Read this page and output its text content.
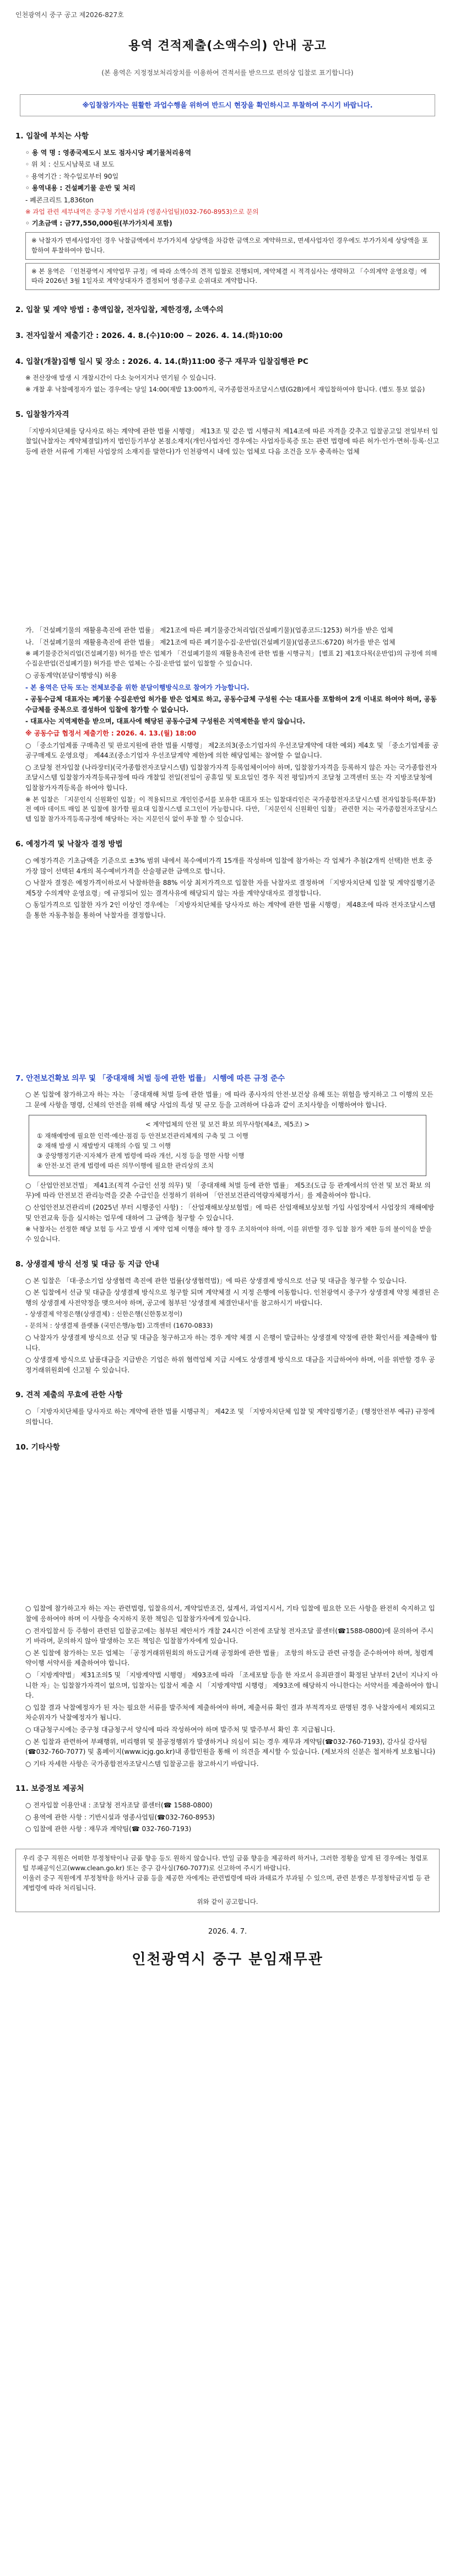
인천광역시 중구 공고 제2026-827호
용역 견적제출(소액수의) 안내 공고
(본 용역은 지정정보처리장치를 이용하여 견적서를 받으므로 편의상 입찰로 표기합니다)
※입찰참가자는 원활한 과업수행을 위하여 반드시 현장을 확인하시고 투찰하여 주시기 바랍니다.
1. 입찰에 부치는 사항
◦ 용 역 명 : 영종국제도시 보도 점자시당 폐기물처리용역
◦ 위 치 : 신도시남북로 내 보도
◦ 용역기간 : 착수일로부터 90일
◦ 용역내용 : 건설폐기물 운반 및 처리
- 폐콘크리트 1,836ton
※ 과업 관련 세부내역은 중구청 기반시설과 (영종사업팀)(032-760-8953)으로 문의
◦ 기초금액 : 금77,550,000원(부가가치세 포함)
※ 낙찰자가 면세사업자인 경우 낙찰금액에서 부가가치세 상당액을 차감한 금액으로 계약하므로, 면세사업자인 경우에도 부가가치세 상당액을 포함하여 투찰하여야 합니다.
※ 본 용역은 「인천광역시 계약업무 규정」에 따라 소액수의 견적 입찰로 진행되며, 계약체결 시 적격심사는 생략하고 「수의계약 운영요령」에 따라 2026년 3월 1일자로 계약상대자가 결정되어 영종구로 순위대로 계약합니다.
2. 입찰 및 계약 방법 : 총액입찰, 전자입찰, 제한경쟁, 소액수의
3. 전자입찰서 제출기간 : 2026. 4. 8.(수)10:00 ~ 2026. 4. 14.(화)10:00
4. 입찰(개찰)집행 일시 및 장소 : 2026. 4. 14.(화)11:00 중구 재무과 입찰집행관 PC
※ 전산장애 발생 시 개찰시간이 다소 늦어지거나 연기될 수 있습니다.
※ 개찰 후 낙찰예정자가 없는 경우에는 당일 14:00(재발 13:00까지, 국가종합전자조달시스템(G2B)에서 재입찰하여야 합니다. (별도 통보 없음)
5. 입찰참가자격
「지방자치단체를 당사자로 하는 계약에 관한 법률 시행령」 제13조 및 같은 법 시행규칙 제14조에 따른 자격을 갖추고 입찰공고일 전일부터 입찰일(낙찰자는 계약체결일)까지 법인등기부상 본점소재지(개인사업자인 경우에는 사업자등록증 또는 관련 법령에 따른 허가·인가·면허·등록·신고 등에 관한 서류에 기재된 사업장의 소재지를 말한다)가 인천광역시 내에 있는 업체로 다음 조건을 모두 충족하는 업체
가. 「건설폐기물의 재활용촉진에 관한 법률」 제21조에 따른 폐기물중간처리업(건설폐기물)(업종코드:1253) 허가를 받은 업체
나. 「건설폐기물의 재활용촉진에 관한 법률」 제21조에 따른 폐기물수집·운반업(건설폐기물)(업종코드:6720) 허가를 받은 업체
※ 폐기물중간처리업(건설폐기물) 허가를 받은 업체가 「건설폐기물의 재활용촉진에 관한 법률 시행규칙」 [별표 2] 제1호다목(운반업)의 규정에 의해 수집운반업(건설폐기물) 허가를 받은 업체는 수집·운반업 없이 입찰할 수 있습니다.
○ 공동계약(분담이행방식) 허용
- 본 용역은 단독 또는 전체보증을 위한 분담이행방식으로 참여가 가능합니다.
- 공동수급체 대표자는 폐기물 수집운반업 허가를 받은 업체로 하고, 공동수급체 구성원 수는 대표사를 포함하여 2개 이내로 하여야 하며, 공동수급체를 중복으로 결성하여 입찰에 참가할 수 없습니다.
- 대표사는 지역제한을 받으며, 대표사에 해당된 공동수급체 구성원은 지역제한을 받지 않습니다.
※ 공동수급 협정서 제출기한 : 2026. 4. 13.(월) 18:00
○ 「중소기업제품 구매촉진 및 판로지원에 관한 법률 시행령」 제2조의3(중소기업자의 우선조달계약에 대한 예외) 제4호 및 「중소기업제품 공공구매제도 운영요령」 제44조(중소기업자 우선조달계약 제한)에 의한 해당업체는 참여할 수 없습니다.
○ 조달청 전자입찰 (나라장터)(국가종합전자조달시스템) 입찰참가자격 등록업체이어야 하며, 입찰참가자격을 등록하지 않은 자는 국가종합전자조달시스템 입찰참가자격등록규정에 따라 개찰일 전일(전일이 공휴일 및 토요일인 경우 직전 평일)까지 조달청 고객센터 또는 각 지방조달청에 입찰참가자격등록을 하여야 합니다.
※ 본 입찰은 「지문인식 신원확인 입찰」이 적용되므로 개인인증서를 보유한 대표자 또는 입찰대리인은 국가종합전자조달시스템 전자입찰등록(투찰)전 예마 데이트 매입 본 입찰에 참가함 필요대 입찰시스템 로그인이 가능합니다. 다만, 「지문인식 신원확인 입찰」 관련한 지는 국가종합전자조달시스템 입찰 참가자격등록규정에 해당하는 자는 지문인식 없이 투찰 할 수 있습니다.
6. 예정가격 및 낙찰자 결정 방법
○ 예정가격은 기초금액을 기준으로 ±3% 범위 내에서 복수예비가격 15개를 작성하며 입찰에 참가하는 각 업체가 추첨(2개씩 선택)한 번호 중 가장 많이 선택된 4개의 복수예비가격을 산술평균한 금액으로 합니다.
○ 낙찰자 결정은 예정가격이하로서 낙찰하한율 88% 이상 최저가격으로 입찰한 자를 낙찰자로 결정하며 「지방자치단체 입찰 및 계약집행기준 제5장 수의계약 운영요령」에 규정되어 있는 결격사유에 해당되지 않는 자를 계약상대자로 결정합니다.
○ 동일가격으로 입찰한 자가 2인 이상인 경우에는 「지방자치단체를 당사자로 하는 계약에 관한 법률 시행령」 제48조에 따라 전자조달시스템을 통한 자동추첨을 통하여 낙찰자를 결정합니다.
7. 안전보건확보 의무 및 「중대재해 처벌 등에 관한 법률」 시행에 따른 규정 준수
○ 본 입찰에 참가하고자 하는 자는 「중대재해 처벌 등에 관한 법률」에 따라 종사자의 안전·보건상 유해 또는 위험을 방지하고 그 이행의 모든 그 문에 사항을 명령, 신체의 안전을 위해 해당 사업의 특성 및 규모 등을 고려하여 다음과 같이 조치사항을 이행하여야 합니다.
< 계약업체의 안전 및 보건 확보 의무사항(제4조, 제5조) >
① 재해예방에 필요한 인력·예산·점검 등 안전보건관리체계의 구축 및 그 이행
② 재해 발생 시 재발방지 대책의 수립 및 그 이행
③ 중앙행정기관·지자체가 관계 법령에 따라 개선, 시정 등을 명한 사항 이행
④ 안전·보건 관계 법령에 따른 의무이행에 필요한 관리상의 조치
○ 「산업안전보건법」 제41조(적격 수급인 선정 의무) 및 「중대재해 처벌 등에 관한 법률」 제5조(도급 등 관계에서의 안전 및 보건 확보 의무)에 따라 안전보건 관리능력을 갖춘 수급인을 선정하기 위하여 「안전보건관리역량자체평가서」를 제출하여야 합니다.
○ 산업안전보건관리비 (2025년 부터 시행중인 사항) : 「산업재해보상보험법」에 따른 산업재해보상보험 가입 사업장에서 사업장의 재해예방 및 안전교육 등을 실시하는 업무에 대하여 그 금액을 청구할 수 있습니다.
※ 낙찰자는 선정한 해당 보험 등 사고 발생 시 계약 업체 이행을 해야 할 경우 조치하여야 하며, 이를 위반할 경우 입찰 참가 제한 등의 불이익을 받을 수 있습니다.
8. 상생결제 방식 선정 및 대금 등 지급 안내
○ 본 입찰은 「대·중소기업 상생협력 촉진에 관한 법률(상생협력법)」에 따른 상생결제 방식으로 선금 및 대금을 청구할 수 있습니다.
○ 본 입찰에서 선금 및 대금을 상생결제 방식으로 청구할 되며 계약체결 시 지정 은행에 이동합니다. 인천광역시 중구가 상생결제 약정 체결된 은행의 상생결제 사전약정을 맺으셔야 하며, 공고에 첨부된 '상생결제 체결안내서'를 참고하시기 바랍니다.
- 상생결제 약정은행(상생결제) : 신한은행(신한통보정이)
- 문의처 : 상생결제 플랫폼 (국민은행/농협) 고객센터 (1670-0833)
○ 낙찰자가 상생결제 방식으로 선금 및 대금을 청구하고자 하는 경우 계약 체결 시 은행이 발급하는 상생결제 약정에 관한 확인서를 제출해야 합니다.
○ 상생결제 방식으로 납품대금을 지급받은 기업은 하위 협력업체 지급 시에도 상생결제 방식으로 대금을 지급하여야 하며, 이를 위반할 경우 공정거래위원회에 신고될 수 있습니다.
9. 견적 제출의 무효에 관한 사항
○ 「지방자치단체를 당사자로 하는 계약에 관한 법률 시행규칙」 제42조 및 「지방자치단체 입찰 및 계약집행기준」(행정안전부 예규) 규정에 의합니다.
10. 기타사항
○ 입찰에 참가하고자 하는 자는 관련법령, 입찰유의서, 계약일반조건, 설계서, 과업지시서, 기타 입찰에 필요한 모든 사항을 완전히 숙지하고 입찰에 응하여야 하며 이 사항을 숙지하지 못한 책임은 입찰참가자에게 있습니다.
○ 전자입찰서 등 주함이 관련된 입찰공고에는 첨부된 제안서가 개찰 24시간 이전에 조달청 전자조달 콜센터(☎1588-0800)에 문의하여 주시기 바라며, 문의하지 않아 발생하는 모든 책임은 입찰참가자에게 있습니다.
○ 본 입찰에 참가하는 모든 업체는 「공정거래위원회의 하도급거래 공정화에 관한 법률」 조항의 하도급 관련 규정을 준수하여야 하며, 청렴계약이행 서약서를 제출하여야 합니다.
○ 「지방계약법」 제31조의5 및 「지방계약법 시행령」 제93조에 따라 「조세포탈 등을 한 자로서 유죄판결이 확정된 날부터 2년이 지나지 아니한 자」는 입찰참가자격이 없으며, 입찰자는 입찰서 제출 시 「지방계약법 시행령」 제93조에 해당하지 아니한다는 서약서를 제출하여야 합니다.
○ 입찰 결과 낙찰예정자가 된 자는 필요한 서류를 발주처에 제출하여야 하며, 제출서류 확인 결과 부적격자로 판명된 경우 낙찰자에서 제외되고 차순위자가 낙찰예정자가 됩니다.
○ 대금청구시에는 중구청 대금청구서 양식에 따라 작성하여야 하며 발주처 및 발주부서 확인 후 지급됩니다.
○ 본 입찰과 관련하여 부패행위, 비리행위 및 불공정행위가 발생하거나 의심이 되는 경우 재무과 계약팀(☎032-760-7193), 감사실 감사팀(☎032-760-7077) 및 홈페이지(www.icjg.go.kr)내 종합민원을 통해 이 의견을 제시할 수 있습니다. (제보자의 신분은 철저하게 보호됩니다)
○ 기타 자세한 사항은 국가종합전자조달시스템 입찰공고를 참고하시기 바랍니다.
11. 보증정보 제공처
○ 전자입찰 이용안내 : 조달청 전자조달 콜센터(☎ 1588-0800)
○ 용역에 관한 사항 : 기반시설과 영종사업팀(☎032-760-8953)
○ 입찰에 관한 사항 : 재무과 계약팀(☎ 032-760-7193)
우리 중구 직원은 어떠한 부정청탁이나 금품 향응 등도 원하지 않습니다. 만일 금품 향응을 제공하려 하거나, 그러한 정황을 알게 된 경우에는 청렴포털 부패공익신고(www.clean.go.kr) 또는 중구 감사실(760-7077)로 신고하여 주시기 바랍니다.
이울러 중구 직원에게 부정청탁을 하거나 금품 등을 제공한 자에게는 관련법령에 따라 과태료가 부과될 수 있으며, 관련 분쟁은 부정청탁금지법 등 관계법령에 따라 처리됩니다.
위와 같이 공고합니다.
2026. 4. 7.
인천광역시 중구 분임재무관
